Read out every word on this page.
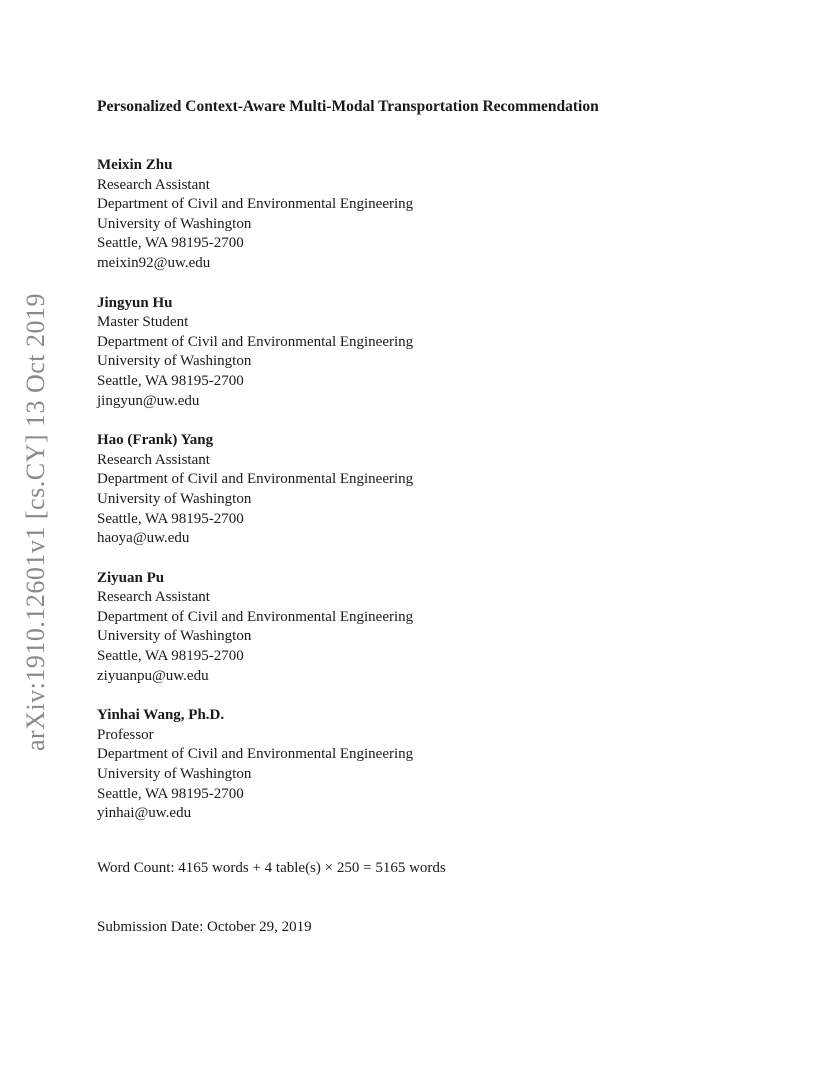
arXiv:1910.12601v1 [cs.CY] 13 Oct 2019
Personalized Context-Aware Multi-Modal Transportation Recommendation
Meixin Zhu
Research Assistant
Department of Civil and Environmental Engineering
University of Washington
Seattle, WA 98195-2700
meixin92@uw.edu
Jingyun Hu
Master Student
Department of Civil and Environmental Engineering
University of Washington
Seattle, WA 98195-2700
jingyun@uw.edu
Hao (Frank) Yang
Research Assistant
Department of Civil and Environmental Engineering
University of Washington
Seattle, WA 98195-2700
haoya@uw.edu
Ziyuan Pu
Research Assistant
Department of Civil and Environmental Engineering
University of Washington
Seattle, WA 98195-2700
ziyuanpu@uw.edu
Yinhai Wang, Ph.D.
Professor
Department of Civil and Environmental Engineering
University of Washington
Seattle, WA 98195-2700
yinhai@uw.edu
Word Count: 4165 words + 4 table(s) × 250 = 5165 words
Submission Date: October 29, 2019
